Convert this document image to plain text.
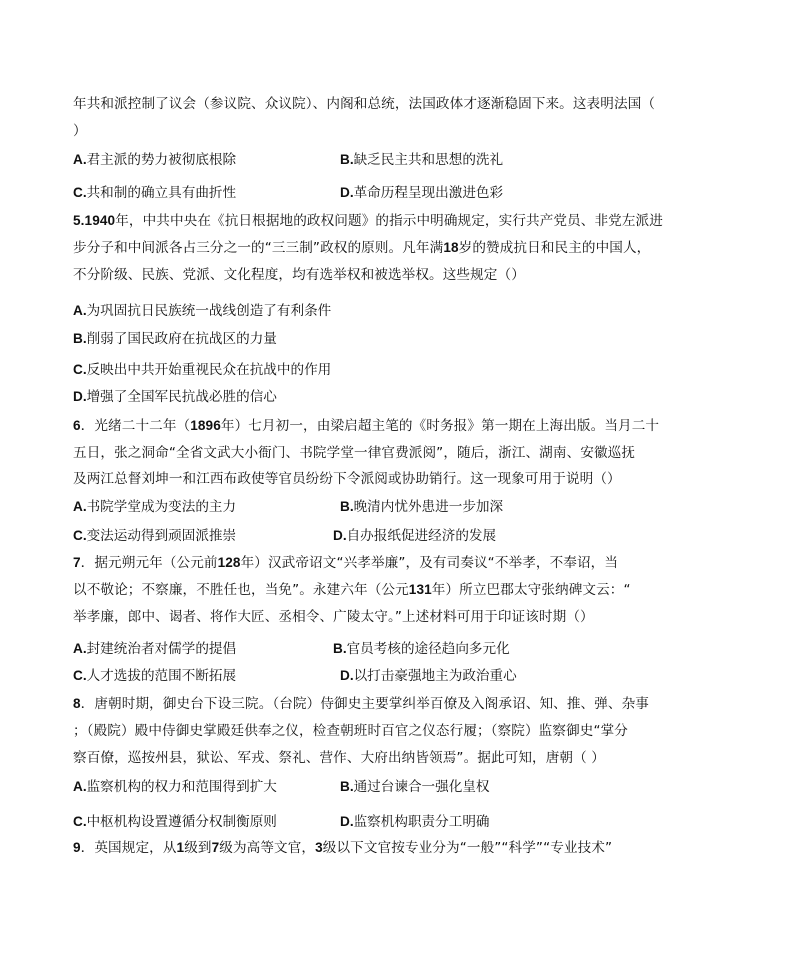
年共和派控制了议会（参议院、众议院）、内阁和总统，法国政体才逐渐稳固下来。这表明法国（
）
A.君主派的势力被彻底根除	B.缺乏民主共和思想的洗礼
C.共和制的确立具有曲折性	D.革命历程呈现出激进色彩
5.1940年，中共中央在《抗日根据地的政权问题》的指示中明确规定，实行共产党员、非党左派进
步分子和中间派各占三分之一的“三三制”政权的原则。凡年满18岁的赞成抗日和民主的中国人，
不分阶级、民族、党派、文化程度，均有选举权和被选举权。这些规定（）
A.为巩固抗日民族统一战线创造了有利条件
B.削弱了国民政府在抗战区的力量
C.反映出中共开始重视民众在抗战中的作用
D.增强了全国军民抗战必胜的信心
6．光绪二十二年（1896年）七月初一，由梁启超主笔的《时务报》第一期在上海出版。当月二十
五日，张之洞命“全省文武大小衙门、书院学堂一律官费派阅”，随后，浙江、湖南、安徽巡抚
及两江总督刘坤一和江西布政使等官员纷纷下令派阅或协助销行。这一现象可用于说明（）
A.书院学堂成为变法的主力	B.晚清内忧外患进一步加深
C.变法运动得到顽固派推崇	D.自办报纸促进经济的发展
7．据元朔元年（公元前128年）汉武帝诏文“兴孝举廉”，及有司奏议“不举孝，不奉诏，当
以不敬论；不察廉，不胜任也，当免”。永建六年（公元131年）所立巴郡太守张纳碑文云：“
举孝廉，郎中、谒者、将作大匠、丞相令、广陵太守。”上述材料可用于印证该时期（）
A.封建统治者对儒学的提倡	B.官员考核的途径趋向多元化
C.人才选拔的范围不断拓展	D.以打击豪强地主为政治重心
8．唐朝时期，御史台下设三院。（台院）侍御史主要掌纠举百僚及入阁承诏、知、推、弹、杂事
；（殿院）殿中侍御史掌殿廷供奉之仪，检查朝班时百官之仪态行履；（察院）监察御史“掌分
察百僚，巡按州县，狱讼、军戎、祭礼、营作、大府出纳皆领焉”。据此可知，唐朝（ ）
A.监察机构的权力和范围得到扩大	B.通过台谏合一强化皇权
C.中枢机构设置遵循分权制衡原则	D.监察机构职责分工明确
9．英国规定，从1级到7级为高等文官，3级以下文官按专业分为“一般”“科学”“专业技术”
